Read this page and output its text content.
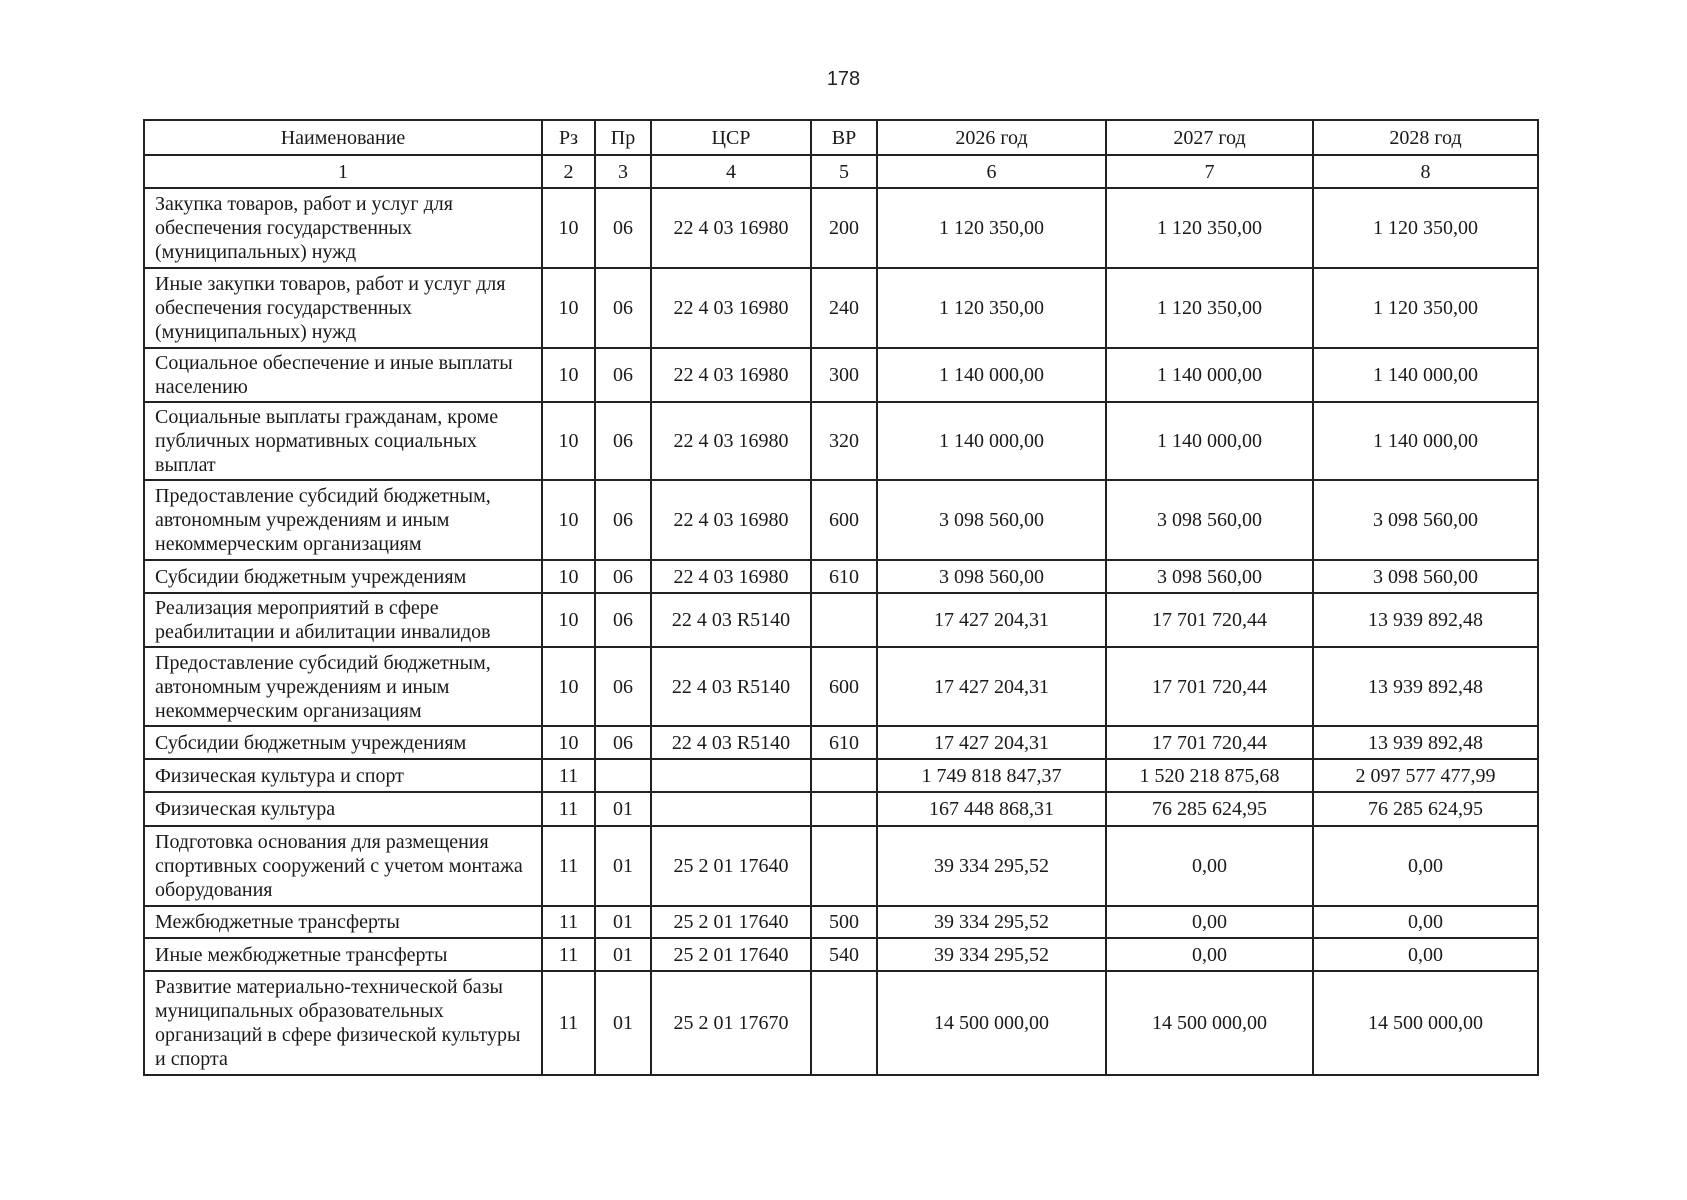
178
Наименование	Рз	Пр	ЦСР	ВР	2026 год	2027 год	2028 год
1	2	3	4	5	6	7	8
Закупка товаров, работ и услуг для обеспечения государственных (муниципальных) нужд	10	06	22 4 03 16980	200	1 120 350,00	1 120 350,00	1 120 350,00
Иные закупки товаров, работ и услуг для обеспечения государственных (муниципальных) нужд	10	06	22 4 03 16980	240	1 120 350,00	1 120 350,00	1 120 350,00
Социальное обеспечение и иные выплаты населению	10	06	22 4 03 16980	300	1 140 000,00	1 140 000,00	1 140 000,00
Социальные выплаты гражданам, кроме публичных нормативных социальных выплат	10	06	22 4 03 16980	320	1 140 000,00	1 140 000,00	1 140 000,00
Предоставление субсидий бюджетным, автономным учреждениям и иным некоммерческим организациям	10	06	22 4 03 16980	600	3 098 560,00	3 098 560,00	3 098 560,00
Субсидии бюджетным учреждениям	10	06	22 4 03 16980	610	3 098 560,00	3 098 560,00	3 098 560,00
Реализация мероприятий в сфере реабилитации и абилитации инвалидов	10	06	22 4 03 R5140		17 427 204,31	17 701 720,44	13 939 892,48
Предоставление субсидий бюджетным, автономным учреждениям и иным некоммерческим организациям	10	06	22 4 03 R5140	600	17 427 204,31	17 701 720,44	13 939 892,48
Субсидии бюджетным учреждениям	10	06	22 4 03 R5140	610	17 427 204,31	17 701 720,44	13 939 892,48
Физическая культура и спорт	11				1 749 818 847,37	1 520 218 875,68	2 097 577 477,99
Физическая культура	11	01			167 448 868,31	76 285 624,95	76 285 624,95
Подготовка основания для размещения спортивных сооружений с учетом монтажа оборудования	11	01	25 2 01 17640		39 334 295,52	0,00	0,00
Межбюджетные трансферты	11	01	25 2 01 17640	500	39 334 295,52	0,00	0,00
Иные межбюджетные трансферты	11	01	25 2 01 17640	540	39 334 295,52	0,00	0,00
Развитие материально-технической базы муниципальных образовательных организаций в сфере физической культуры и спорта	11	01	25 2 01 17670		14 500 000,00	14 500 000,00	14 500 000,00
